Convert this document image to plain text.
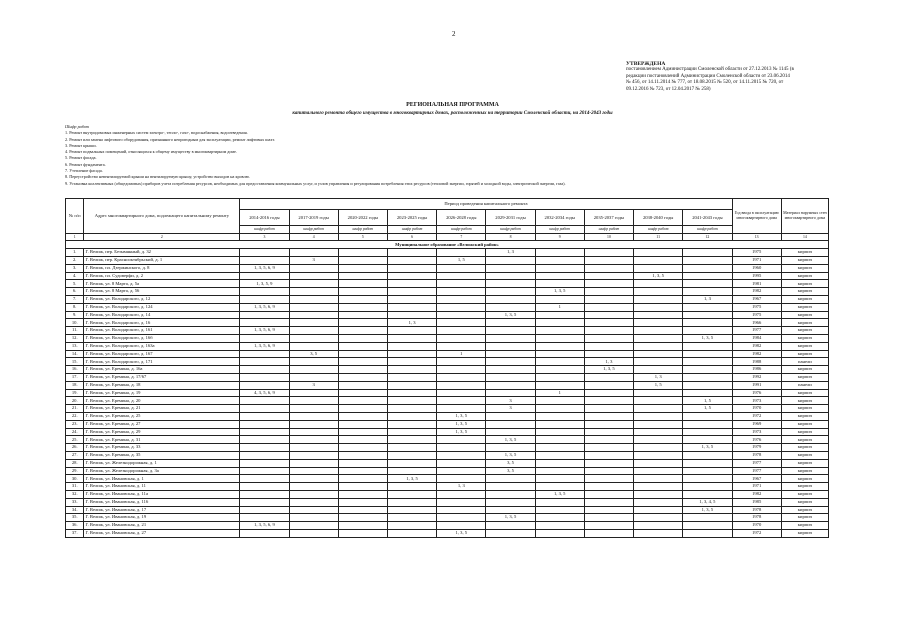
2
УТВЕРЖДЕНА
постановлением Администрации Смоленской области от 27.12.2013 № 1145 (в
редакции постановлений Администрации Смоленской области от 23.06.2014
№ 456, от 14.11.2014 № 777, от 18.08.2015 № 520, от 14.11.2015 № 720, от
09.12.2016 № 723, от 12.04.2017 № 258)
РЕГИОНАЛЬНАЯ ПРОГРАММА
капитального ремонта общего имущества в многоквартирных домах, расположенных на территории Смоленской области, на 2014-2043 годы
Шифр работ
1. Ремонт внутридомовых инженерных систем электро-, тепло-, газо-, водоснабжения, водоотведения.
2. Ремонт или замена лифтового оборудования, признанного непригодным для эксплуатации, ремонт лифтовых шахт.
3. Ремонт крыши.
4. Ремонт подвальных помещений, относящихся к общему имуществу в многоквартирном доме.
5. Ремонт фасада.
6. Ремонт фундамента.
7. Утепление фасада.
8. Переустройство невентилируемой крыши на вентилируемую крышу, устройство выходов на кровлю.
9. Установка коллективных (общедомовых) приборов учета потребления ресурсов, необходимых для предоставления коммунальных услуг, и узлов управления и регулирования потребления этих ресурсов (тепловой энергии, горячей и холодной воды, электрической энергии, газа).
№ п/п	Адрес многоквартирного дома, подлежащего капитальному ремонту	Период проведения капитального ремонта										Год ввода в эксплуатацию многоквартирного дома	Материал наружных стен многоквартирного дома
		2014-2016 годы	2017-2019 годы	2020-2022 годы	2023-2025 годы	2026-2028 годы	2029-2031 годы	2032-2034 годы	2035-2037 годы	2038-2040 годы	2041-2043 годы		
		шифр работ	шифр работ	шифр работ	шифр работ	шифр работ	шифр работ	шифр работ	шифр работ	шифр работ	шифр работ		
1	2	3	4	5	6	7	8	9	10	11	12	13	14
Муниципальное образование «Велижский район»													
1.	Г. Велиж, пер. Безымянный, д. 32						1, 3					1975	кирпич
2.	Г. Велиж, пер. Краснооктябрьский, д. 1		3			1, 5						1971	кирпич
3.	Г. Велиж, пл. Дзержинского, д. 8	1, 3, 5, 6, 9										1960	кирпич
4.	Г. Велиж, пл. Судоверфи, д. 2									1, 3, 5		1995	кирпич
5.	Г. Велиж, ул. 8 Марта, д. 5а	1, 3, 5, 9										1981	кирпич
6.	Г. Велиж, ул. 8 Марта, д. 56							1, 3, 5				1982	кирпич
7.	Г. Велиж, ул. Володарского, д. 12										1, 3	1967	кирпич
8.	Г. Велиж, ул. Володарского, д. 124	1, 3, 5, 6, 9						1				1975	кирпич
9.	Г. Велиж, ул. Володарского, д. 14						1, 3, 5					1975	кирпич
10.	Г. Велиж, ул. Володарского, д. 16				1, 3							1966	кирпич
11.	Г. Велиж, ул. Володарского, д. 161	1, 3, 5, 6, 9										1977	кирпич
12.	Г. Велиж, ул. Володарского, д. 16б										1, 3, 5	1984	кирпич
13.	Г. Велиж, ул. Володарского, д. 163а	1, 3, 5, 6, 9										1982	кирпич
14.	Г. Велиж, ул. Володарского, д. 167		3, 5			1						1982	кирпич
15.	Г. Велиж, ул. Володарского, д. 171								1, 3			1988	панели
16.	Г. Велиж, ул. Еремина, д. 16а								1, 3, 5			1986	кирпич
17.	Г. Велиж, ул. Еремина, д. 17/67									1, 3		1992	кирпич
18.	Г. Велиж, ул. Еремина, д. 18		3							1, 5		1991	панели
19.	Г. Велиж, ул. Еремина, д. 19	4, 3, 5, 6, 9						1				1976	кирпич
20.	Г. Велиж, ул. Еремина, д. 20						3				1, 5	1973	кирпич
21.	Г. Велиж, ул. Еремина, д. 21						3				1, 5	1970	кирпич
22.	Г. Велиж, ул. Еремина, д. 25					1, 3, 5						1972	кирпич
23.	Г. Велиж, ул. Еремина, д. 27					1, 3, 5						1969	кирпич
24.	Г. Велиж, ул. Еремина, д. 29					1, 3, 5						1973	кирпич
25.	Г. Велиж, ул. Еремина, д. 31						1, 3, 5					1976	кирпич
26.	Г. Велиж, ул. Еремина, д. 33										1, 3, 5	1979	кирпич
27.	Г. Велиж, ул. Еремина, д. 35						1, 3, 5					1978	кирпич
28.	Г. Велиж, ул. Железнодорожная, д. 1						3, 5					1977	кирпич
29.	Г. Велиж, ул. Железнодорожная, д. 3а						3, 5					1977	кирпич
30.	Г. Велиж, ул. Ивановская, д. 1				1, 3, 5							1967	кирпич
31.	Г. Велиж, ул. Ивановская, д. 11					1, 3						1971	кирпич
32.	Г. Велиж, ул. Ивановская, д. 11а							1, 3, 5				1982	кирпич
33.	Г. Велиж, ул. Ивановская, д. 116										1, 3, 4, 5	1985	кирпич
34.	Г. Велиж, ул. Ивановская, д. 17										1, 3, 5	1978	кирпич
35.	Г. Велиж, ул. Ивановская, д. 19						1, 3, 5					1978	кирпич
36.	Г. Велиж, ул. Ивановская, д. 21	1, 3, 5, 6, 9										1970	кирпич
37.	Г. Велиж, ул. Ивановская, д. 27					1, 3, 5						1972	кирпич
